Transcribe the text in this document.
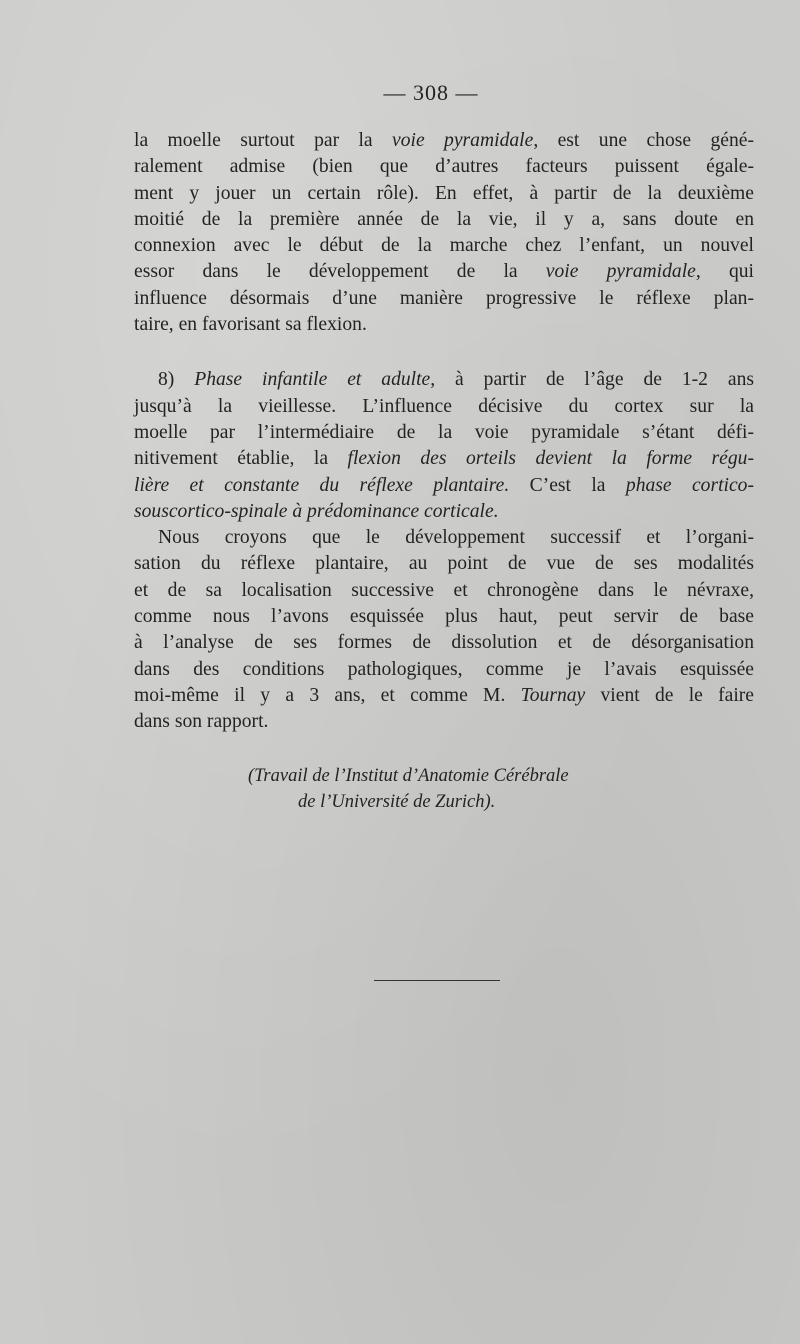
— 308 —
la moelle surtout par la voie pyramidale, est une chose géné-
ralement admise (bien que d’autres facteurs puissent égale-
ment y jouer un certain rôle). En effet, à partir de la deuxième
moitié de la première année de la vie, il y a, sans doute en
connexion avec le début de la marche chez l’enfant, un nouvel
essor dans le développement de la voie pyramidale, qui
influence désormais d’une manière progressive le réflexe plan-
taire, en favorisant sa flexion.
8) Phase infantile et adulte, à partir de l’âge de 1-2 ans
jusqu’à la vieillesse. L’influence décisive du cortex sur la
moelle par l’intermédiaire de la voie pyramidale s’étant défi-
nitivement établie, la flexion des orteils devient la forme régu-
lière et constante du réflexe plantaire. C’est la phase cortico-
souscortico-spinale à prédominance corticale.
Nous croyons que le développement successif et l’organi-
sation du réflexe plantaire, au point de vue de ses modalités
et de sa localisation successive et chronogène dans le névraxe,
comme nous l’avons esquissée plus haut, peut servir de base
à l’analyse de ses formes de dissolution et de désorganisation
dans des conditions pathologiques, comme je l’avais esquissée
moi-même il y a 3 ans, et comme M. Tournay vient de le faire
dans son rapport.
(Travail de l’Institut d’Anatomie Cérébrale
de l’Université de Zurich).
